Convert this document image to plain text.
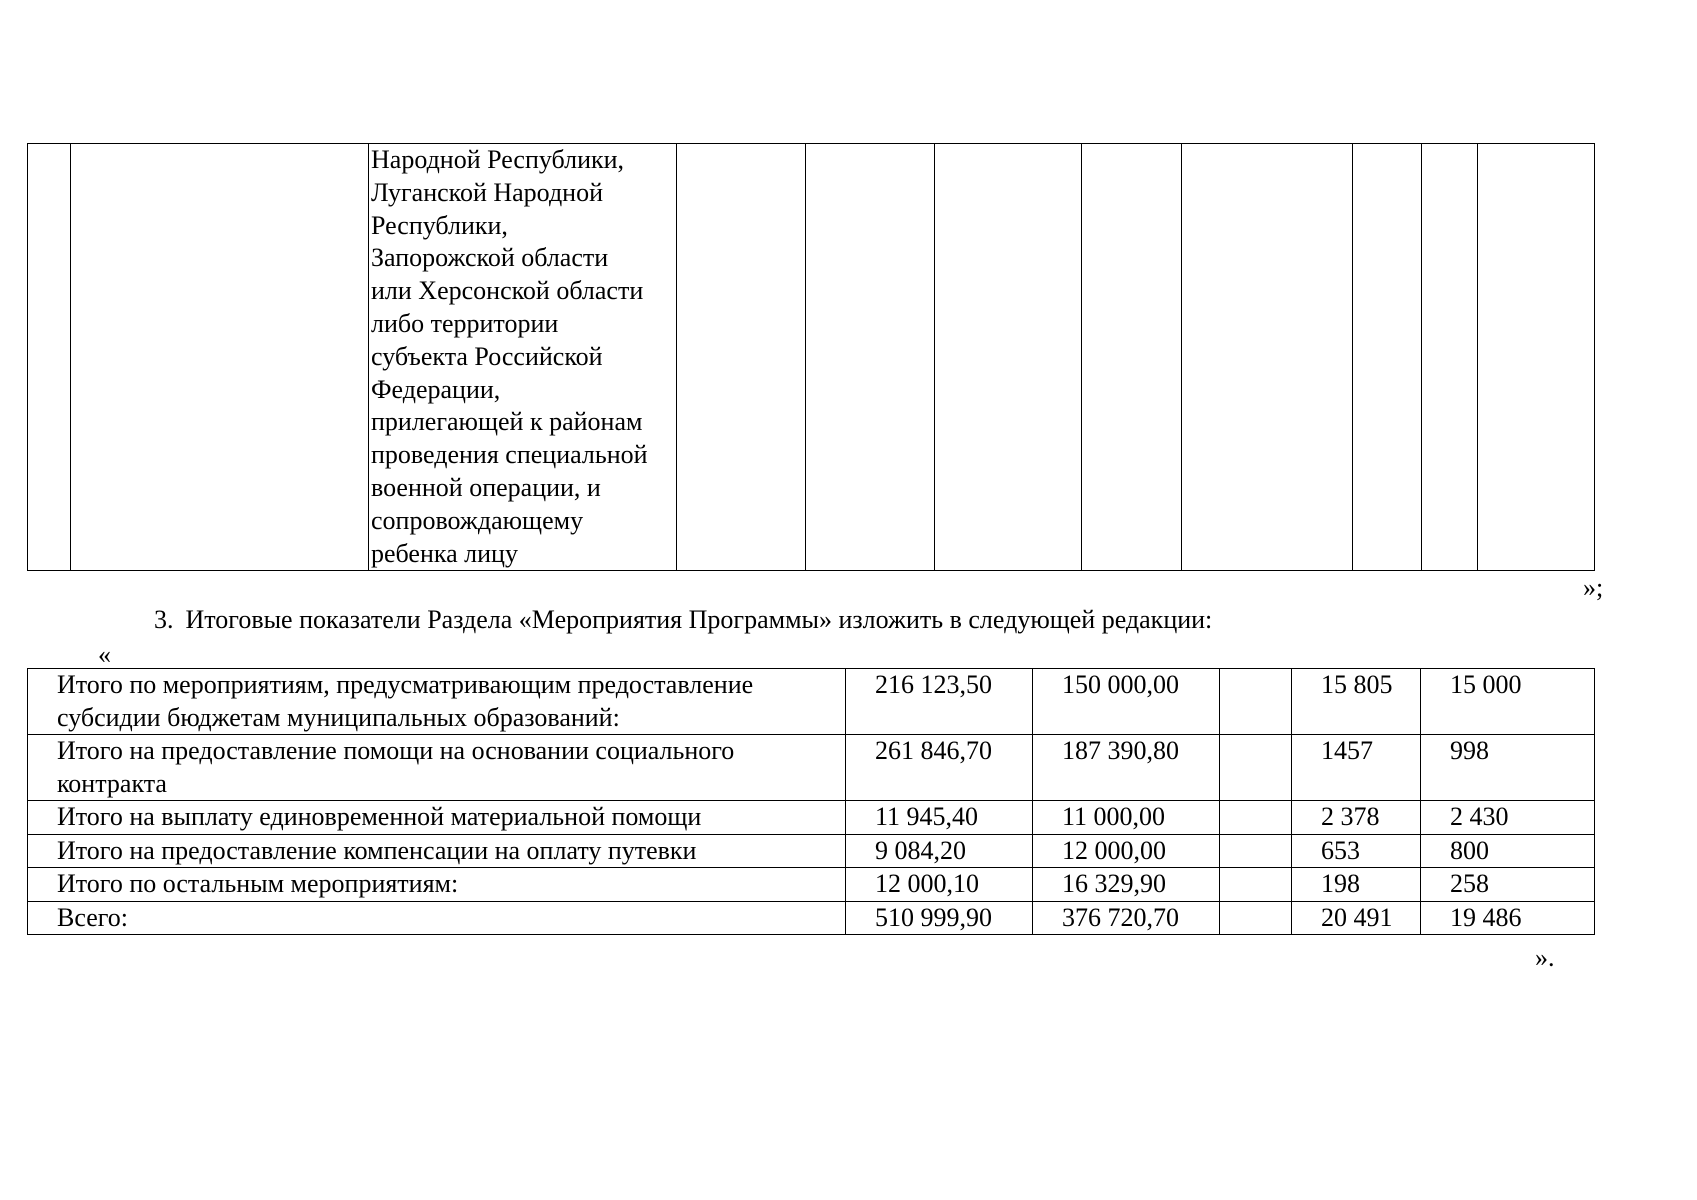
Народной Республики,
Луганской Народной
Республики,
Запорожской области
или Херсонской области
либо территории
субъекта Российской
Федерации,
прилегающей к районам
проведения специальной
военной операции, и
сопровождающему
ребенка лицу

»;
3. Итоговые показатели Раздела «Мероприятия Программы» изложить в следующей редакции:
«
Итого по мероприятиям, предусматривающим предоставление субсидии бюджетам муниципальных образований:	216 123,50	150 000,00		15 805	15 000
Итого на предоставление помощи на основании социального контракта	261 846,70	187 390,80		1457	998
Итого на выплату единовременной материальной помощи	11 945,40	11 000,00		2 378	2 430
Итого на предоставление компенсации на оплату путевки	9 084,20	12 000,00		653	800
Итого по остальным мероприятиям:	12 000,10	16 329,90		198	258
Всего:	510 999,90	376 720,70		20 491	19 486
».
